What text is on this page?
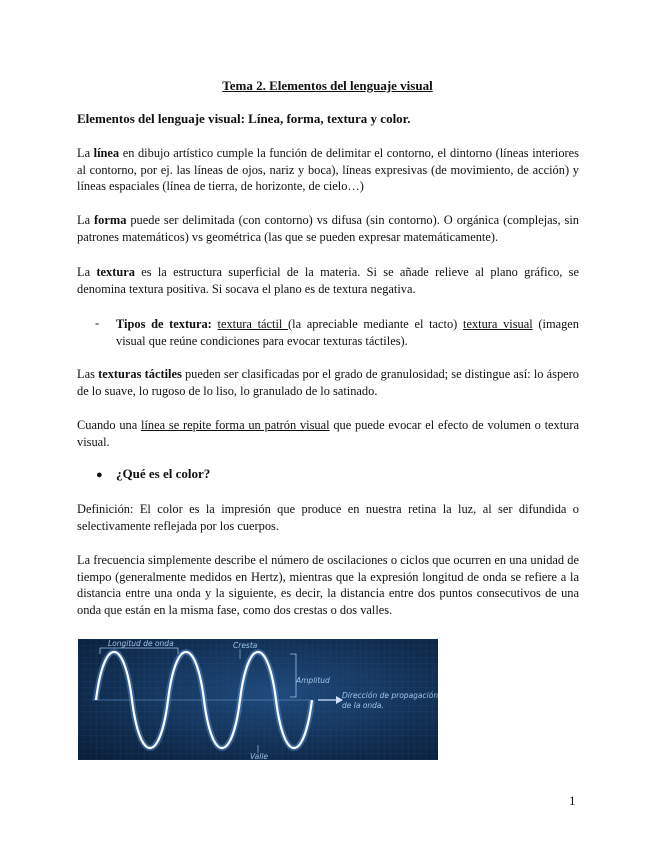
Tema 2. Elementos del lenguaje visual
Elementos del lenguaje visual: Línea, forma, textura y color.

La línea en dibujo artístico cumple la función de delimitar el contorno, el dintorno (líneas interiores al contorno, por ej. las líneas de ojos, nariz y boca), líneas expresivas (de movimiento, de acción) y líneas espaciales (línea de tierra, de horizonte, de cielo…)

La forma puede ser delimitada (con contorno) vs difusa (sin contorno). O orgánica (complejas, sin patrones matemáticos) vs geométrica (las que se pueden expresar matemáticamente).

La textura es la estructura superficial de la materia. Si se añade relieve al plano gráfico, se denomina textura positiva. Si socava el plano es de textura negativa.

- Tipos de textura: textura táctil (la apreciable mediante el tacto) textura visual (imagen visual que reúne condiciones para evocar texturas táctiles).

Las texturas táctiles pueden ser clasificadas por el grado de granulosidad; se distingue así: lo áspero de lo suave, lo rugoso de lo liso, lo granulado de lo satinado.

Cuando una línea se repite forma un patrón visual que puede evocar el efecto de volumen o textura visual.

● ¿Qué es el color?

Definición: El color es la impresión que produce en nuestra retina la luz, al ser difundida o selectivamente reflejada por los cuerpos.

La frecuencia simplemente describe el número de oscilaciones o ciclos que ocurren en una unidad de tiempo (generalmente medidos en Hertz), mientras que la expresión longitud de onda se refiere a la distancia entre una onda y la siguiente, es decir, la distancia entre dos puntos consecutivos de una onda que están en la misma fase, como dos crestas o dos valles.

Longitud de onda	Cresta
Amplitud
Dirección de propagación
de la onda.
Valle
1
